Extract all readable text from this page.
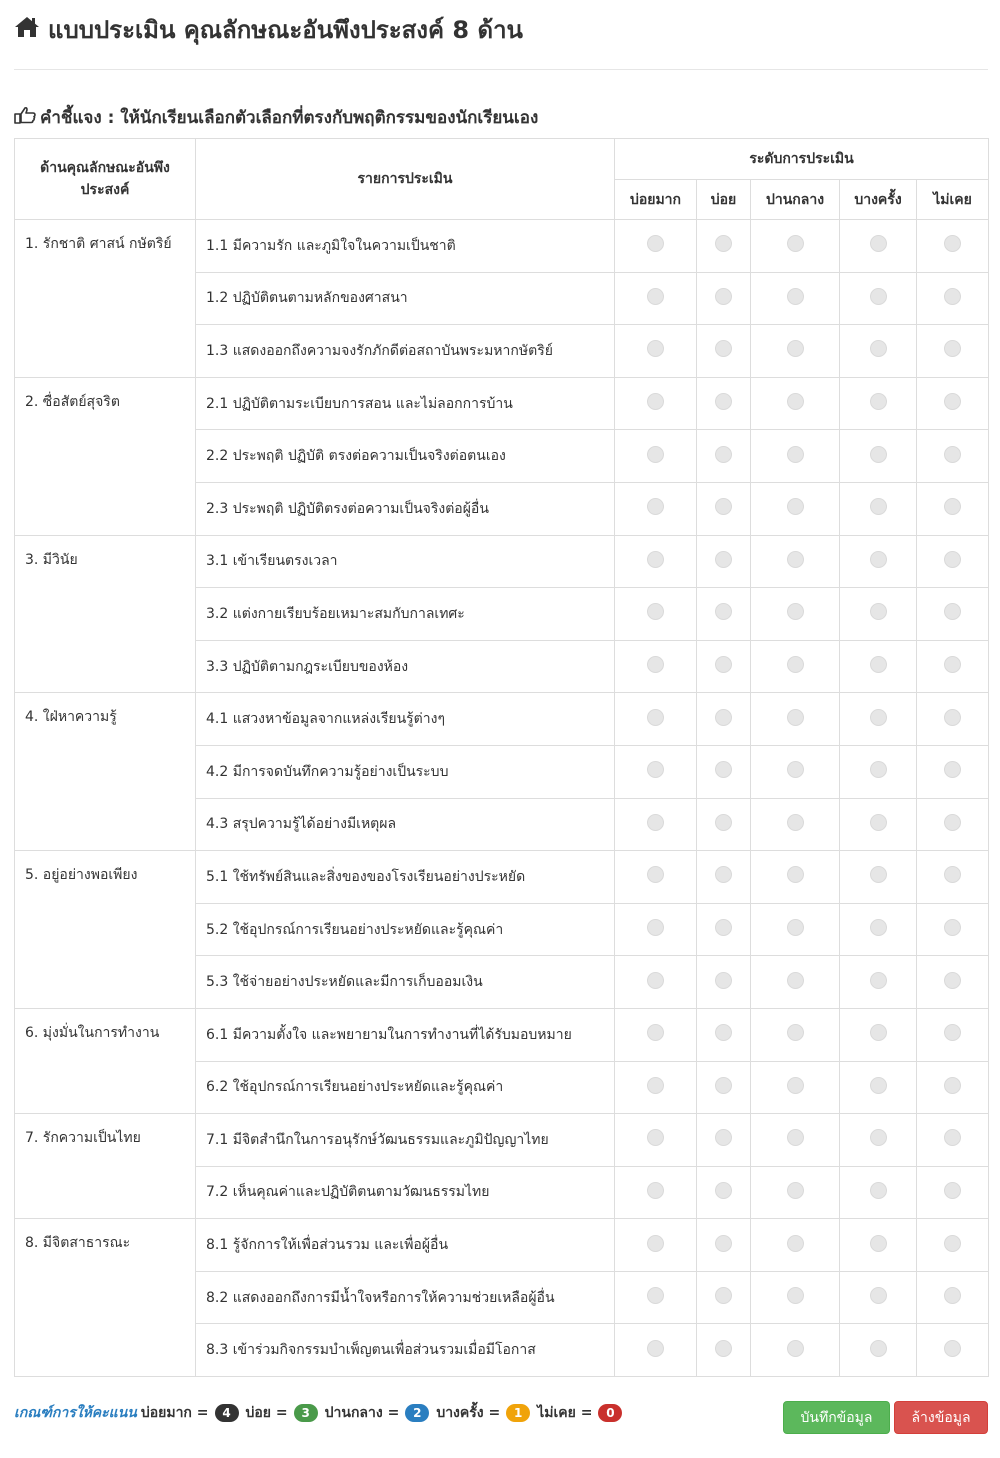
แบบประเมิน คุณลักษณะอันพึงประสงค์ 8 ด้าน
คำชี้แจง : ให้นักเรียนเลือกตัวเลือกที่ตรงกับพฤติกรรมของนักเรียนเอง
ด้านคุณลักษณะอันพึงประสงค์	รายการประเมิน	ระดับการประเมิน				
		บ่อยมาก	บ่อย	ปานกลาง	บางครั้ง	ไม่เคย
1. รักชาติ ศาสน์ กษัตริย์	1.1 มีความรัก และภูมิใจในความเป็นชาติ					
	1.2 ปฏิบัติตนตามหลักของศาสนา					
	1.3 แสดงออกถึงความจงรักภักดีต่อสถาบันพระมหากษัตริย์					
2. ซื่อสัตย์สุจริต	2.1 ปฏิบัติตามระเบียบการสอน และไม่ลอกการบ้าน					
	2.2 ประพฤติ ปฏิบัติ ตรงต่อความเป็นจริงต่อตนเอง					
	2.3 ประพฤติ ปฏิบัติตรงต่อความเป็นจริงต่อผู้อื่น					
3. มีวินัย	3.1 เข้าเรียนตรงเวลา					
	3.2 แต่งกายเรียบร้อยเหมาะสมกับกาลเทศะ					
	3.3 ปฏิบัติตามกฎระเบียบของห้อง					
4. ใฝ่หาความรู้	4.1 แสวงหาข้อมูลจากแหล่งเรียนรู้ต่างๆ					
	4.2 มีการจดบันทึกความรู้อย่างเป็นระบบ					
	4.3 สรุปความรู้ได้อย่างมีเหตุผล					
5. อยู่อย่างพอเพียง	5.1 ใช้ทรัพย์สินและสิ่งของของโรงเรียนอย่างประหยัด					
	5.2 ใช้อุปกรณ์การเรียนอย่างประหยัดและรู้คุณค่า					
	5.3 ใช้จ่ายอย่างประหยัดและมีการเก็บออมเงิน					
6. มุ่งมั่นในการทำงาน	6.1 มีความตั้งใจ และพยายามในการทำงานที่ได้รับมอบหมาย					
	6.2 ใช้อุปกรณ์การเรียนอย่างประหยัดและรู้คุณค่า					
7. รักความเป็นไทย	7.1 มีจิตสำนึกในการอนุรักษ์วัฒนธรรมและภูมิปัญญาไทย					
	7.2 เห็นคุณค่าและปฏิบัติตนตามวัฒนธรรมไทย					
8. มีจิตสาธารณะ	8.1 รู้จักการให้เพื่อส่วนรวม และเพื่อผู้อื่น					
	8.2 แสดงออกถึงการมีน้ำใจหรือการให้ความช่วยเหลือผู้อื่น					
	8.3 เข้าร่วมกิจกรรมบำเพ็ญตนเพื่อส่วนรวมเมื่อมีโอกาส					
เกณฑ์การให้คะแนน บ่อยมาก = 4 บ่อย = 3 ปานกลาง = 2 บางครั้ง = 1 ไม่เคย = 0	บันทึกข้อมูล	ล้างข้อมูล
